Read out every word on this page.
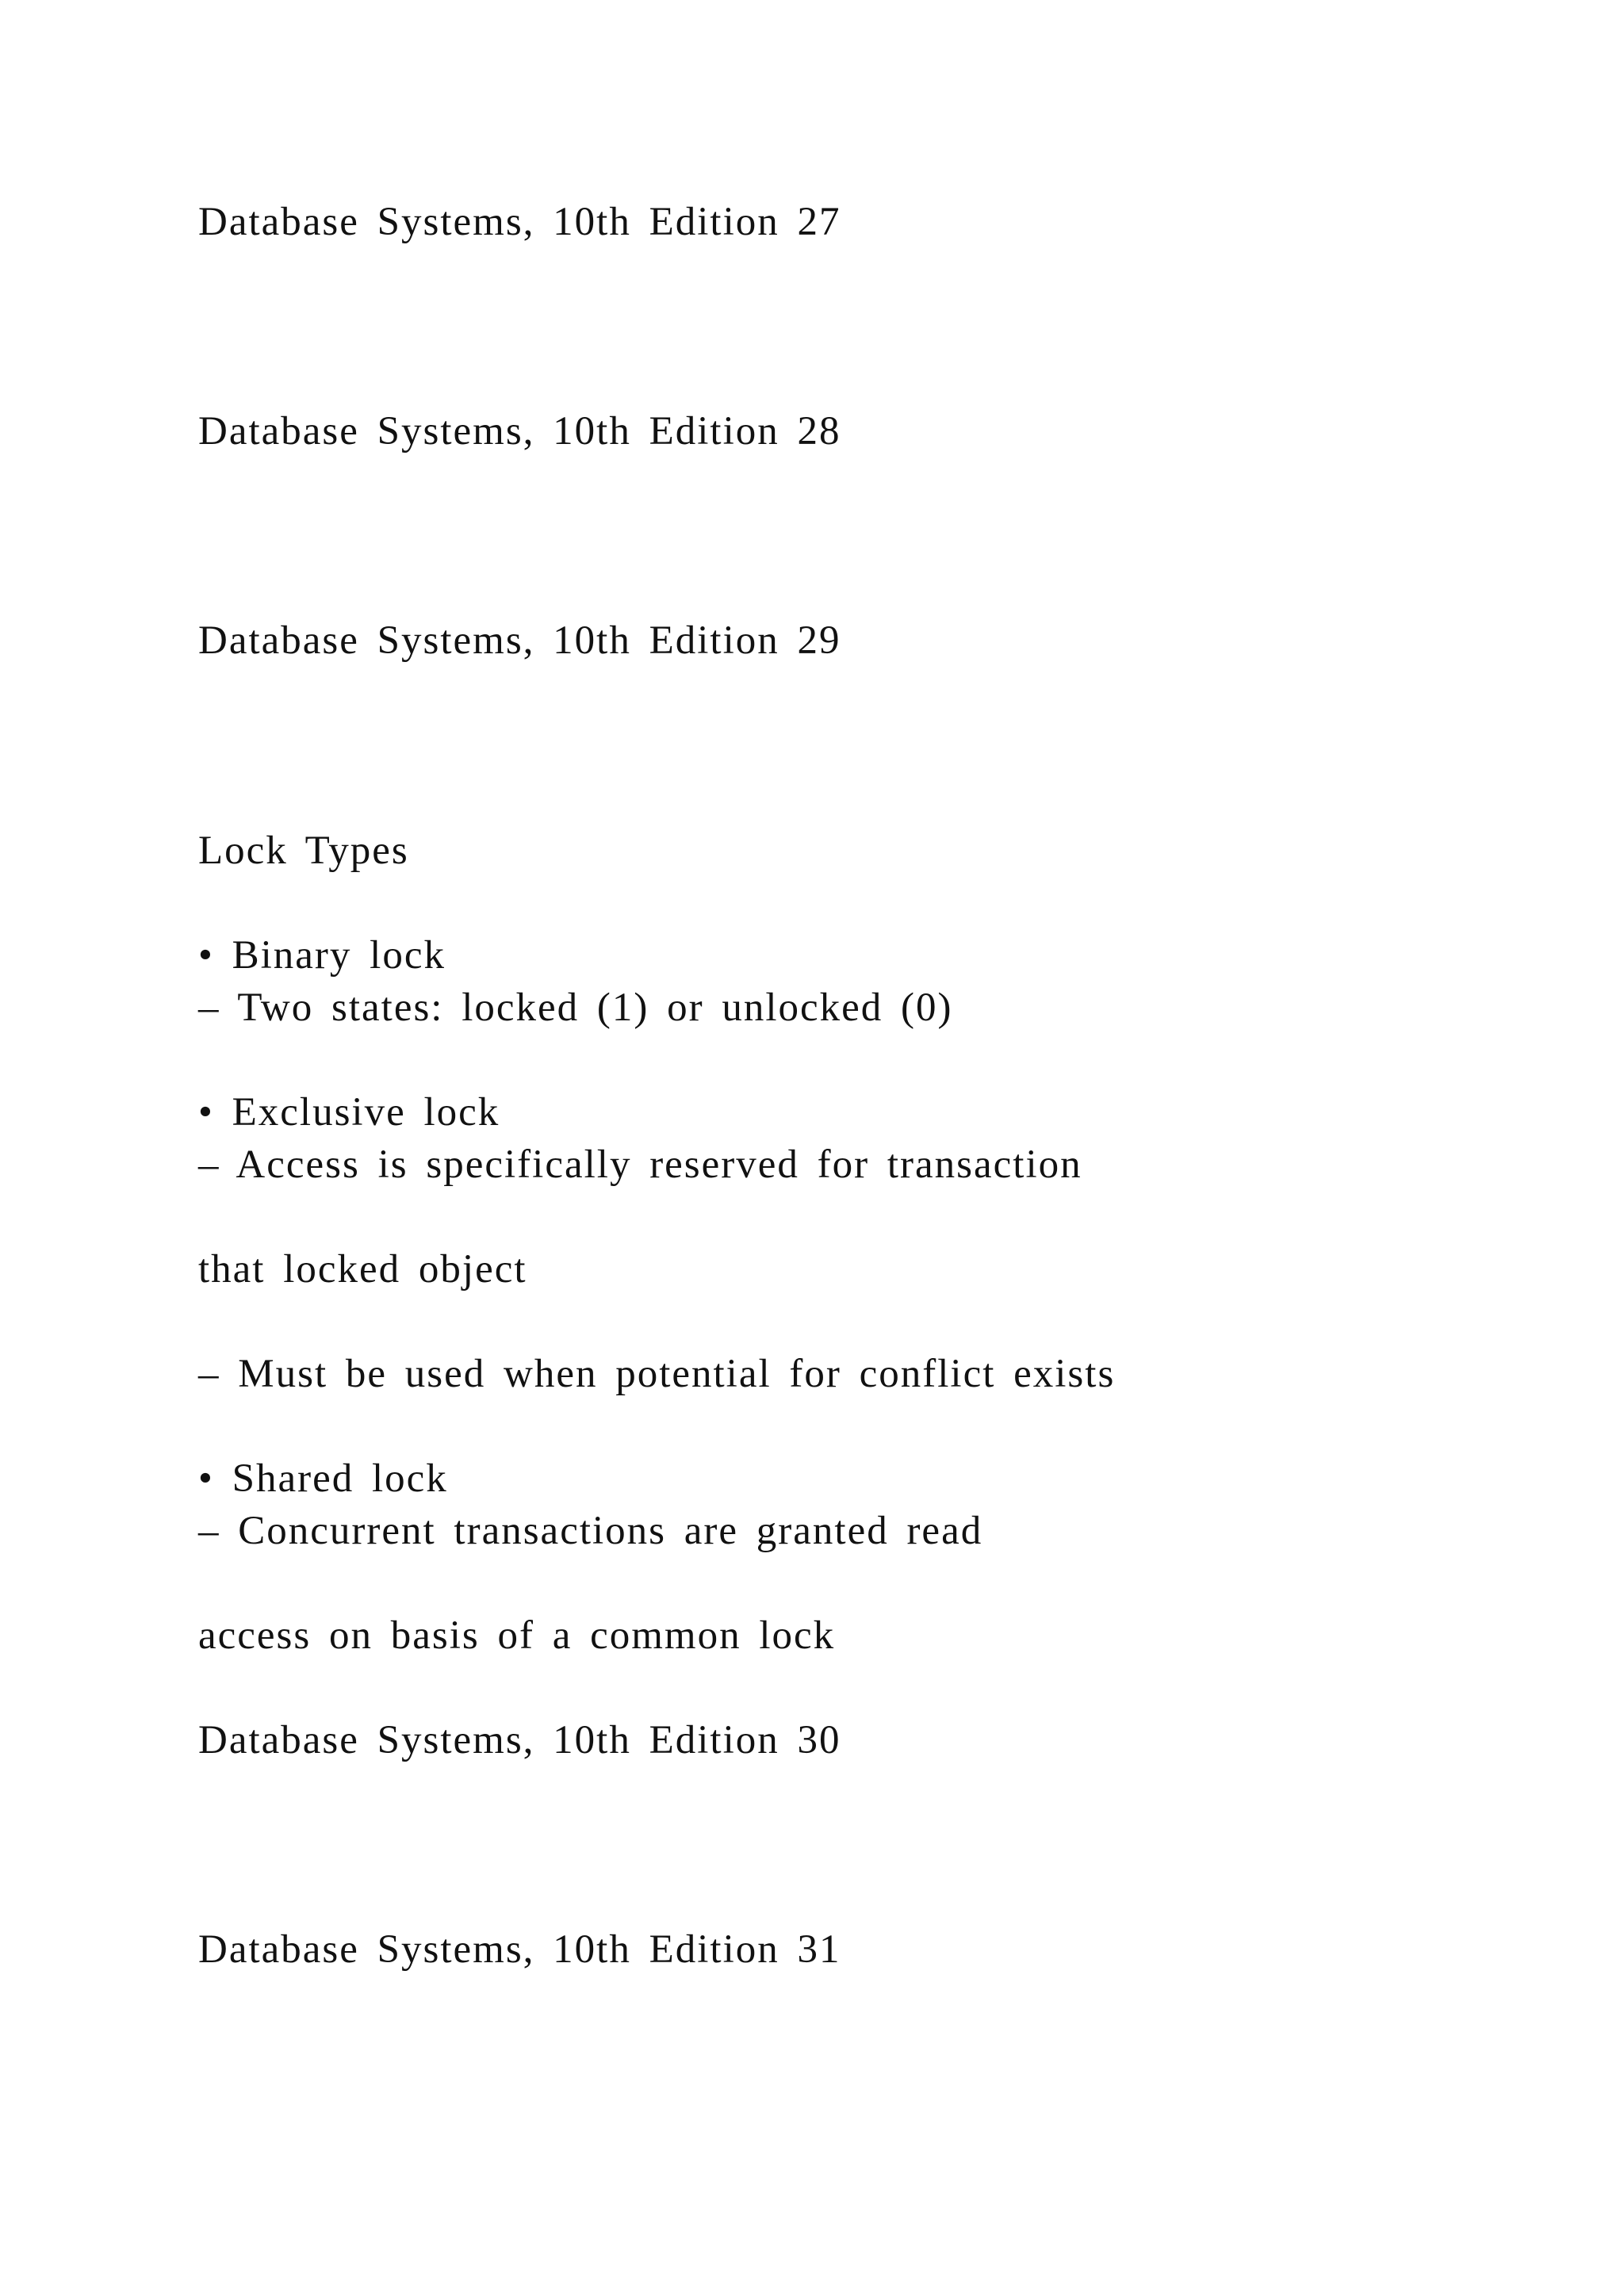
Database Systems, 10th Edition 27
Database Systems, 10th Edition 28
Database Systems, 10th Edition 29
Lock Types
• Binary lock
– Two states: locked (1) or unlocked (0)
• Exclusive lock
– Access is specifically reserved for transaction
that locked object
– Must be used when potential for conflict exists
• Shared lock
– Concurrent transactions are granted read
access on basis of a common lock
Database Systems, 10th Edition 30
Database Systems, 10th Edition 31
